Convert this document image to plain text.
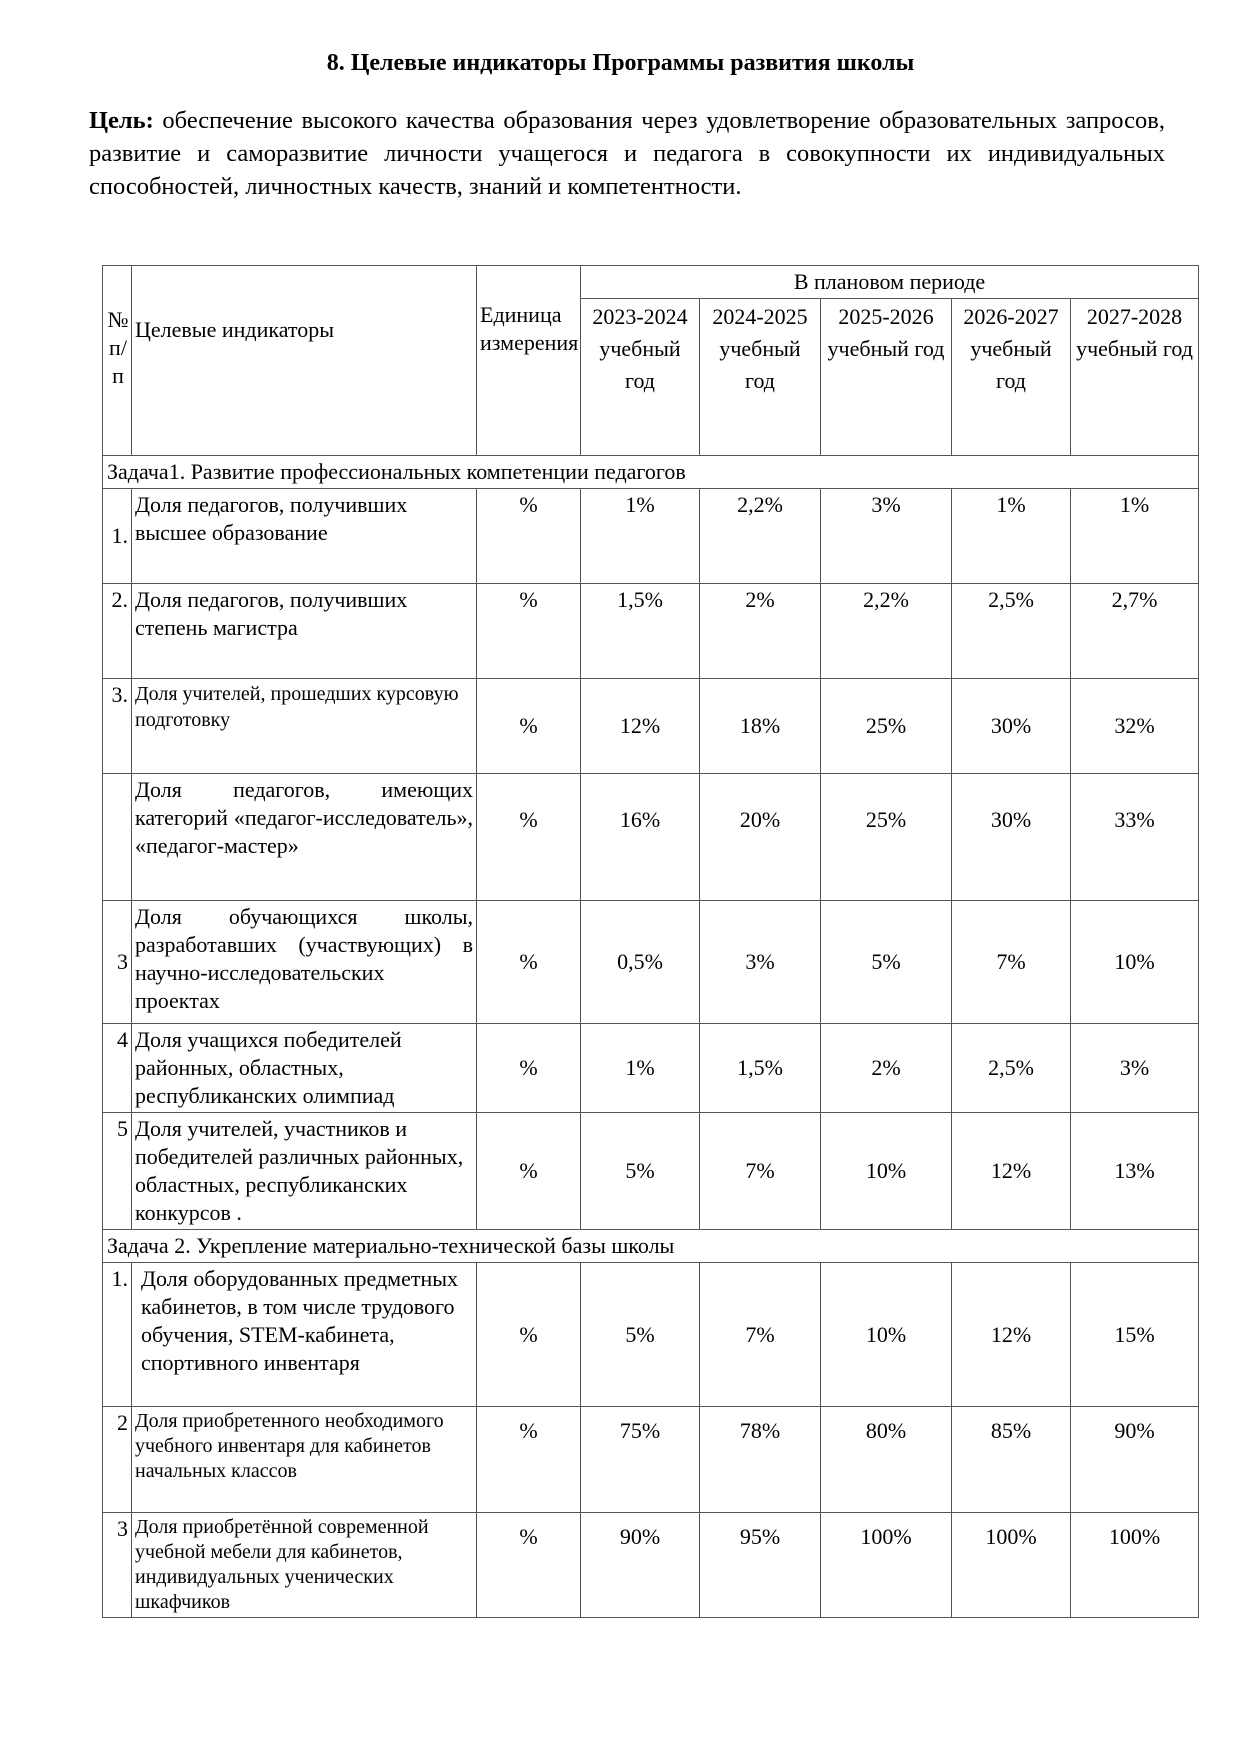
8. Целевые индикаторы Программы развития школы
Цель: обеспечение высокого качества образования через удовлетворение образовательных запросов, развитие и саморазвитие личности учащегося и педагога в совокупности их индивидуальных способностей, личностных качеств, знаний и компетентности.
№ п/п	Целевые индикаторы	Единица измерения	В плановом периоде				
			2023-2024 учебный год	2024-2025 учебный год	2025-2026 учебный год	2026-2027 учебный год	2027-2028 учебный год
Задача1. Развитие профессиональных компетенции педагогов							
1.	Доля педагогов, получивших высшее образование	%	1%	2,2%	3%	1%	1%
2.	Доля педагогов, получивших степень магистра	%	1,5%	2%	2,2%	2,5%	2,7%
3.	Доля учителей, прошедших курсовую подготовку	%	12%	18%	25%	30%	32%
	Доля педагогов, имеющих категорий «педагог-исследователь», «педагог-мастер»	%	16%	20%	25%	30%	33%
3	Доля обучающихся школы, разработавших (участвующих) в научно-исследовательских проектах	%	0,5%	3%	5%	7%	10%
4	Доля учащихся победителей районных, областных, республиканских олимпиад	%	1%	1,5%	2%	2,5%	3%
5	Доля учителей, участников и победителей различных районных, областных, республиканских конкурсов .	%	5%	7%	10%	12%	13%
Задача 2. Укрепление материально-технической базы школы							
1.	Доля оборудованных предметных кабинетов, в том числе трудового обучения, STEM-кабинета, спортивного инвентаря	%	5%	7%	10%	12%	15%
2	Доля приобретенного необходимого учебного инвентаря для кабинетов начальных классов	%	75%	78%	80%	85%	90%
3	Доля приобретённой современной учебной мебели для кабинетов, индивидуальных ученических шкафчиков	%	90%	95%	100%	100%	100%
